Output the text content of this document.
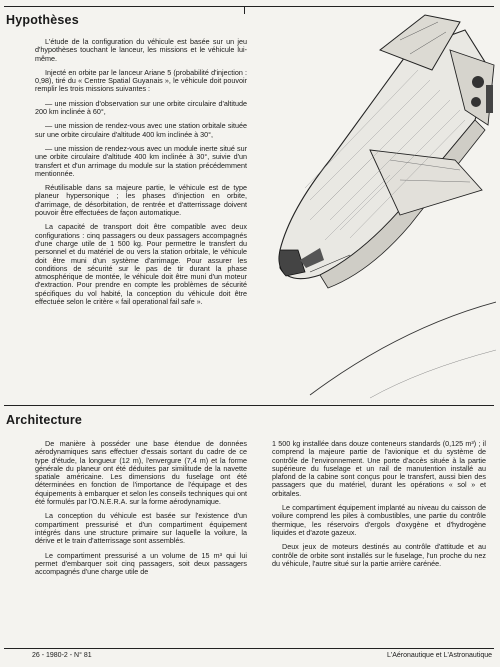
Hypothèses

L'étude de la configuration du véhicule est basée sur un jeu d'hypothèses touchant le lanceur, les missions et le véhicule lui-même.

Injecté en orbite par le lanceur Ariane 5 (probabilité d'injection : 0,98), tiré du « Centre Spatial Guyanais », le véhicule doit pouvoir remplir les trois missions suivantes :

— une mission d'observation sur une orbite circulaire d'altitude 200 km inclinée à 60°,

— une mission de rendez-vous avec une station orbitale située sur une orbite circulaire d'altitude 400 km inclinée à 30°,

— une mission de rendez-vous avec un module inerte situé sur une orbite circulaire d'altitude 400 km inclinée à 30°, suivie d'un transfert et d'un arrimage du module sur la station précédemment mentionnée.

Réutilisable dans sa majeure partie, le véhicule est de type planeur hypersonique ; les phases d'injection en orbite, d'arrimage, de désorbitation, de rentrée et d'atterrissage doivent pouvoir être effectuées de façon automatique.

La capacité de transport doit être compatible avec deux configurations : cinq passagers ou deux passagers accompagnés d'une charge utile de 1 500 kg. Pour permettre le transfert du personnel et du matériel de ou vers la station orbitale, le véhicule doit être muni d'un système d'arrimage. Pour assurer les conditions de sécurité sur le pas de tir durant la phase atmosphérique de montée, le véhicule doit être muni d'un moteur d'extraction. Pour prendre en compte les problèmes de sécurité spécifiques du vol habité, la conception du véhicule doit être effectuée selon le critère « fail operational fail safe ».

Architecture

De manière à posséder une base étendue de données aérodynamiques sans effectuer d'essais sortant du cadre de ce type d'étude, la longueur (12 m), l'envergure (7,4 m) et la forme générale du planeur ont été déduites par similitude de la navette spatiale américaine. Les dimensions du fuselage ont été déterminées en fonction de l'importance de l'équipage et des équipements à embarquer et selon les conseils techniques qui ont été formulés par l'O.N.E.R.A. sur la forme aérodynamique.

La conception du véhicule est basée sur l'existence d'un compartiment pressurisé et d'un compartiment équipement intégrés dans une structure primaire sur laquelle la voilure, la dérive et le train d'atterrissage sont assemblés.

Le compartiment pressurisé a un volume de 15 m³ qui lui permet d'embarquer soit cinq passagers, soit deux passagers accompagnés d'une charge utile de

1 500 kg installée dans douze conteneurs standards (0,125 m³) ; il comprend la majeure partie de l'avionique et du système de contrôle de l'environnement. Une porte d'accès située à la partie supérieure du fuselage et un rail de manutention installé au plafond de la cabine sont conçus pour le transfert, aussi bien des passagers que du matériel, durant les opérations « sol » et orbitales.

Le compartiment équipement implanté au niveau du caisson de voilure comprend les piles à combustibles, une partie du contrôle thermique, les réservoirs d'ergols d'oxygène et d'hydrogène liquides et d'azote gazeux.

Deux jeux de moteurs destinés au contrôle d'attitude et au contrôle de orbite sont installés sur le fuselage, l'un proche du nez du véhicule, l'autre situé sur la partie arrière carénée.

26 - 1980-2 - N° 81	L'Aéronautique et L'Astronautique
